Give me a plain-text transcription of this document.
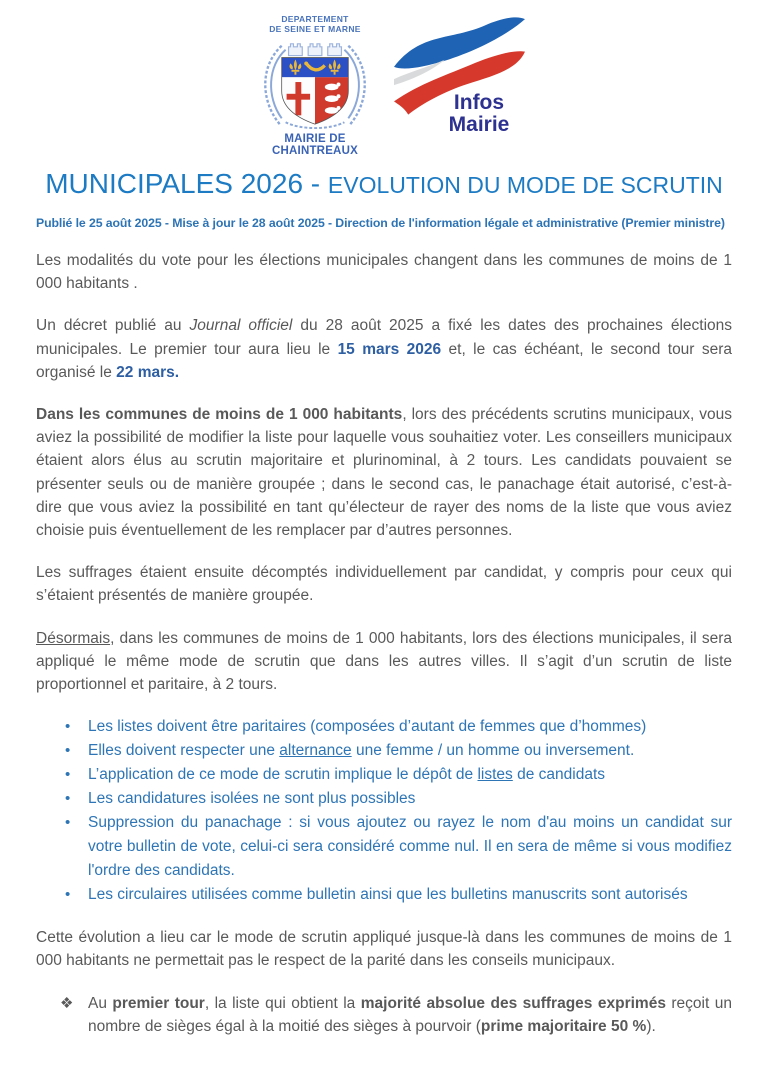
DEPARTEMENT
DE SEINE ET MARNE
MAIRIE DE CHAINTREAUX
Infos
Mairie
MUNICIPALES 2026 - EVOLUTION DU MODE DE SCRUTIN
Publié le 25 août 2025 - Mise à jour le 28 août 2025 - Direction de l'information légale et administrative (Premier ministre)

Les modalités du vote pour les élections municipales changent dans les communes de moins de 1 000 habitants .

Un décret publié au Journal officiel du 28 août 2025 a fixé les dates des prochaines élections municipales. Le premier tour aura lieu le 15 mars 2026 et, le cas échéant, le second tour sera organisé le 22 mars.

Dans les communes de moins de 1 000 habitants, lors des précédents scrutins municipaux, vous aviez la possibilité de modifier la liste pour laquelle vous souhaitiez voter. Les conseillers municipaux étaient alors élus au scrutin majoritaire et plurinominal, à 2 tours. Les candidats pouvaient se présenter seuls ou de manière groupée ; dans le second cas, le panachage était autorisé, c’est-à-dire que vous aviez la possibilité en tant qu’électeur de rayer des noms de la liste que vous aviez choisie puis éventuellement de les remplacer par d’autres personnes.

Les suffrages étaient ensuite décomptés individuellement par candidat, y compris pour ceux qui s’étaient présentés de manière groupée.

Désormais, dans les communes de moins de 1 000 habitants, lors des élections municipales, il sera appliqué le même mode de scrutin que dans les autres villes. Il s’agit d’un scrutin de liste proportionnel et paritaire, à 2 tours.

•	Les listes doivent être paritaires (composées d’autant de femmes que d’hommes)
•	Elles doivent respecter une alternance une femme / un homme ou inversement.
•	L’application de ce mode de scrutin implique le dépôt de listes de candidats
•	Les candidatures isolées ne sont plus possibles
•	Suppression du panachage : si vous ajoutez ou rayez le nom d'au moins un candidat sur votre bulletin de vote, celui-ci sera considéré comme nul. Il en sera de même si vous modifiez l'ordre des candidats.
•	Les circulaires utilisées comme bulletin ainsi que les bulletins manuscrits sont autorisés

Cette évolution a lieu car le mode de scrutin appliqué jusque-là dans les communes de moins de 1 000 habitants ne permettait pas le respect de la parité dans les conseils municipaux.

❖ Au premier tour, la liste qui obtient la majorité absolue des suffrages exprimés reçoit un nombre de sièges égal à la moitié des sièges à pourvoir (prime majoritaire 50 %).
